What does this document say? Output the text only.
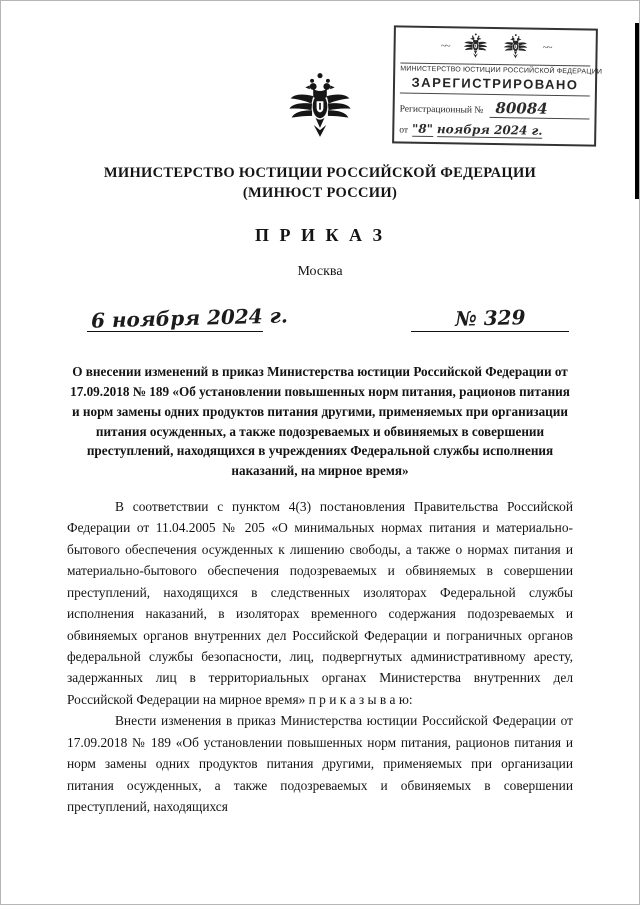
~~	~~
МИНИСТЕРСТВО ЮСТИЦИИ РОССИЙСКОЙ ФЕДЕРАЦИИ
ЗАРЕГИСТРИРОВАНО
Регистрационный № 80084
от "8" ноября 2024 г.
МИНИСТЕРСТВО ЮСТИЦИИ РОССИЙСКОЙ ФЕДЕРАЦИИ
(МИНЮСТ РОССИИ)
П Р И К А З
Москва
6 ноября 2024 г.	№ 329
О внесении изменений в приказ Министерства юстиции Российской Федерации от 17.09.2018 № 189 «Об установлении повышенных норм питания, рационов питания и норм замены одних продуктов питания другими, применяемых при организации питания осужденных, а также подозреваемых и обвиняемых в совершении преступлений, находящихся в учреждениях Федеральной службы исполнения наказаний, на мирное время»

В соответствии с пунктом 4(3) постановления Правительства Российской Федерации от 11.04.2005 № 205 «О минимальных нормах питания и материально-бытового обеспечения осужденных к лишению свободы, а также о нормах питания и материально-бытового обеспечения подозреваемых и обвиняемых в совершении преступлений, находящихся в следственных изоляторах Федеральной службы исполнения наказаний, в изоляторах временного содержания подозреваемых и обвиняемых органов внутренних дел Российской Федерации и пограничных органов федеральной службы безопасности, лиц, подвергнутых административному аресту, задержанных лиц в территориальных органах Министерства внутренних дел Российской Федерации на мирное время» п р и к а з ы в а ю:

Внести изменения в приказ Министерства юстиции Российской Федерации от 17.09.2018 № 189 «Об установлении повышенных норм питания, рационов питания и норм замены одних продуктов питания другими, применяемых при организации питания осужденных, а также подозреваемых и обвиняемых в совершении преступлений, находящихся
